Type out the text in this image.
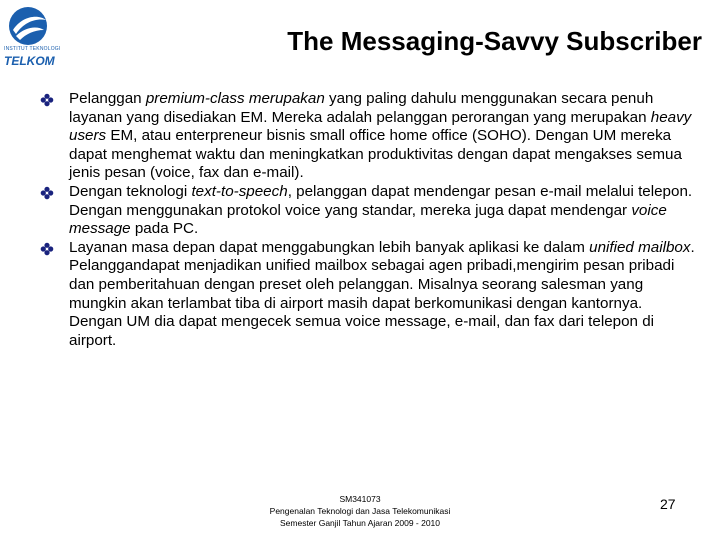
INSTITUT TEKNOLOGI
TELKOM
The Messaging-Savvy Subscriber
Pelanggan premium-class merupakan yang paling dahulu menggunakan secara penuh layanan yang disediakan EM. Mereka adalah pelanggan perorangan yang merupakan heavy users EM, atau enterpreneur bisnis small office home office (SOHO). Dengan UM mereka dapat menghemat waktu dan meningkatkan produktivitas dengan dapat mengakses semua jenis pesan (voice, fax dan e-mail).
Dengan teknologi text-to-speech, pelanggan dapat mendengar pesan e-mail melalui telepon. Dengan menggunakan protokol voice yang standar, mereka juga dapat mendengar voice message pada PC.
Layanan masa depan dapat menggabungkan lebih banyak aplikasi ke dalam unified mailbox. Pelanggandapat menjadikan unified mailbox sebagai agen pribadi,mengirim pesan pribadi dan pemberitahuan dengan preset oleh pelanggan. Misalnya seorang salesman yang mungkin akan terlambat tiba di airport masih dapat berkomunikasi dengan kantornya. Dengan UM dia dapat mengecek semua voice message, e-mail, dan fax dari telepon di airport.
SM341073
Pengenalan Teknologi dan Jasa Telekomunikasi
Semester Ganjil Tahun Ajaran 2009 - 2010
27
